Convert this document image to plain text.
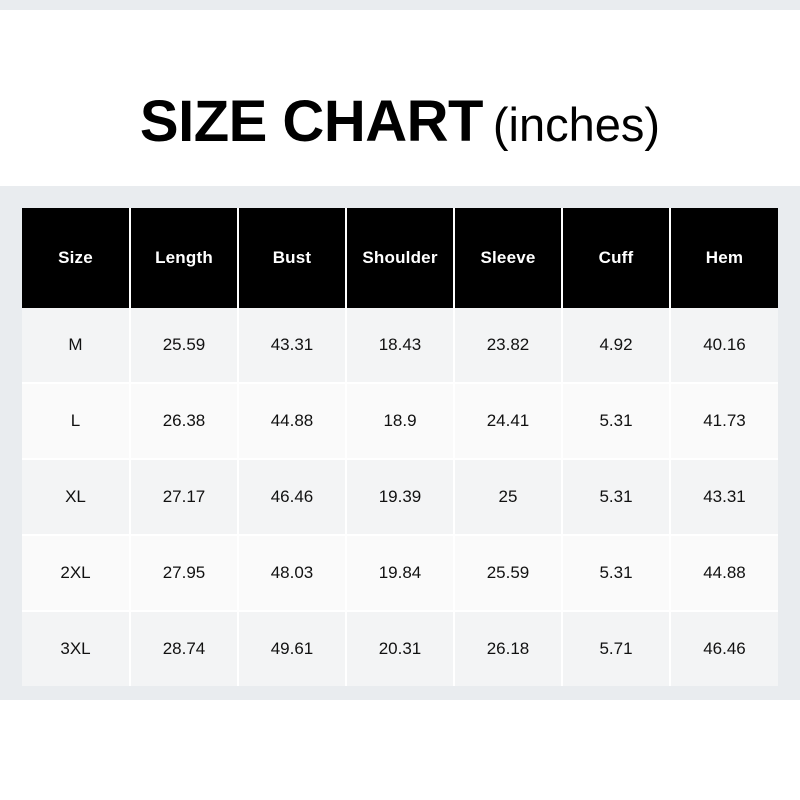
SIZE CHART (inches)
Size	Length	Bust	Shoulder	Sleeve	Cuff	Hem
M	25.59	43.31	18.43	23.82	4.92	40.16
L	26.38	44.88	18.9	24.41	5.31	41.73
XL	27.17	46.46	19.39	25	5.31	43.31
2XL	27.95	48.03	19.84	25.59	5.31	44.88
3XL	28.74	49.61	20.31	26.18	5.71	46.46
